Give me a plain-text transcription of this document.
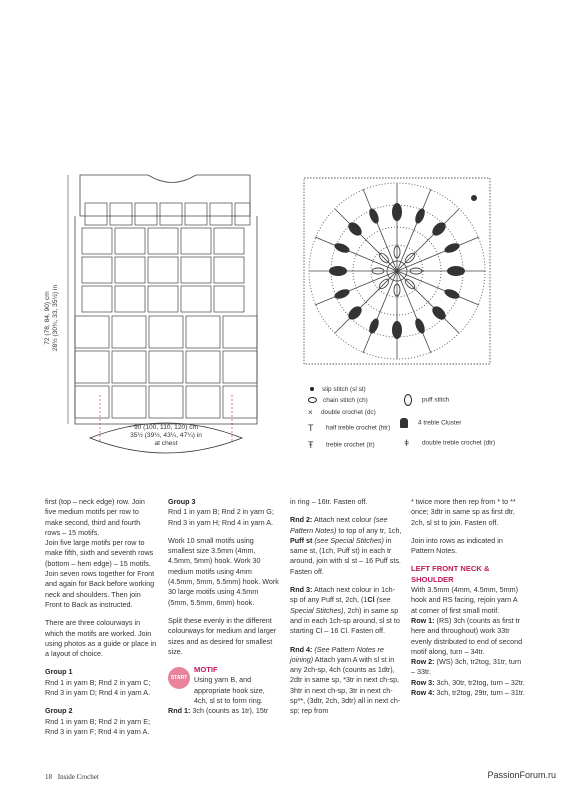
72 (78, 84, 90) cm 28½ (30¾, 33, 35½) in
90 (100, 110, 120) cm
35½ (39½, 43¼, 47¼) in
at chest
slip stitch (sl st)
chain stitch (ch)
× double crochet (dc)
T half treble crochet (htr)
Ŧ treble crochet (tr)
puff stitch
4 treble Cluster
ǂ double treble crochet (dtr)

first (top – neck edge) row. Join five medium motifs per row to make second, third and fourth rows – 15 motifs.

Join five large motifs per row to make fifth, sixth and seventh rows (bottom – hem edge) – 15 motifs. Join seven rows together for Front and again for Back before working neck and shoulders. Then join Front to Back as instructed.

There are three colourways in which the motifs are worked. Join using photos as a guide or place in a layout of choice.

Group 1

Rnd 1 in yarn B; Rnd 2 in yarn C; Rnd 3 in yarn D; Rnd 4 in yarn A.

Group 2

Rnd 1 in yarn B; Rnd 2 in yarn E; Rnd 3 in yarn F; Rnd 4 in yarn A.

Group 3

Rnd 1 in yarn B; Rnd 2 in yarn G; Rnd 3 in yarn H; Rnd 4 in yarn A.

Work 10 small motifs using smallest size 3.5mm (4mm, 4.5mm, 5mm) hook. Work 30 medium motifs using 4mm (4.5mm, 5mm, 5.5mm) hook. Work 30 large motifs using 4.5mm (5mm, 5.5mm, 6mm) hook.

Split these evenly in the different colourways for medium and larger sizes and as desired for smallest size.

START
MOTIF
Using yarn B, and appropriate hook size, 4ch, sl st to form ring.
Rnd 1: 3ch (counts as 1tr), 15tr

in ring – 16tr. Fasten off.

Rnd 2: Attach next colour (see Pattern Notes) to top of any tr, 1ch, Puff st (see Special Stitches) in same st, (1ch, Puff st) in each tr around, join with sl st – 16 Puff sts. Fasten off.

Rnd 3: Attach next colour in 1ch-sp of any Puff st, 2ch, (1Cl (see Special Stitches), 2ch) in same sp and in each 1ch-sp around, sl st to starting Cl – 16 Cl. Fasten off.

Rnd 4: (See Pattern Notes re joining) Attach yarn A with sl st in any 2ch-sp, 4ch (counts as 1dtr), 2dtr in same sp, *3tr in next ch-sp, 3htr in next ch-sp, 3tr in next ch-sp**, (3dtr, 2ch, 3dtr) all in next ch-sp; rep from

* twice more then rep from * to ** once; 3dtr in same sp as first dtr, 2ch, sl st to join. Fasten off.

Join into rows as indicated in Pattern Notes.

LEFT FRONT NECK & SHOULDER
With 3.5mm (4mm, 4.5mm, 5mm) hook and RS facing, rejoin yarn A at corner of first small motif.
Row 1: (RS) 3ch (counts as first tr here and throughout) work 33tr evenly distributed to end of second motif along, turn – 34tr.
Row 2: (WS) 3ch, tr2tog, 31tr, turn – 33tr.
Row 3: 3ch, 30tr, tr2tog, turn – 32tr.
Row 4: 3ch, tr2tog, 29tr, turn – 31tr.
18 Inside Crochet	PassionForum.ru
